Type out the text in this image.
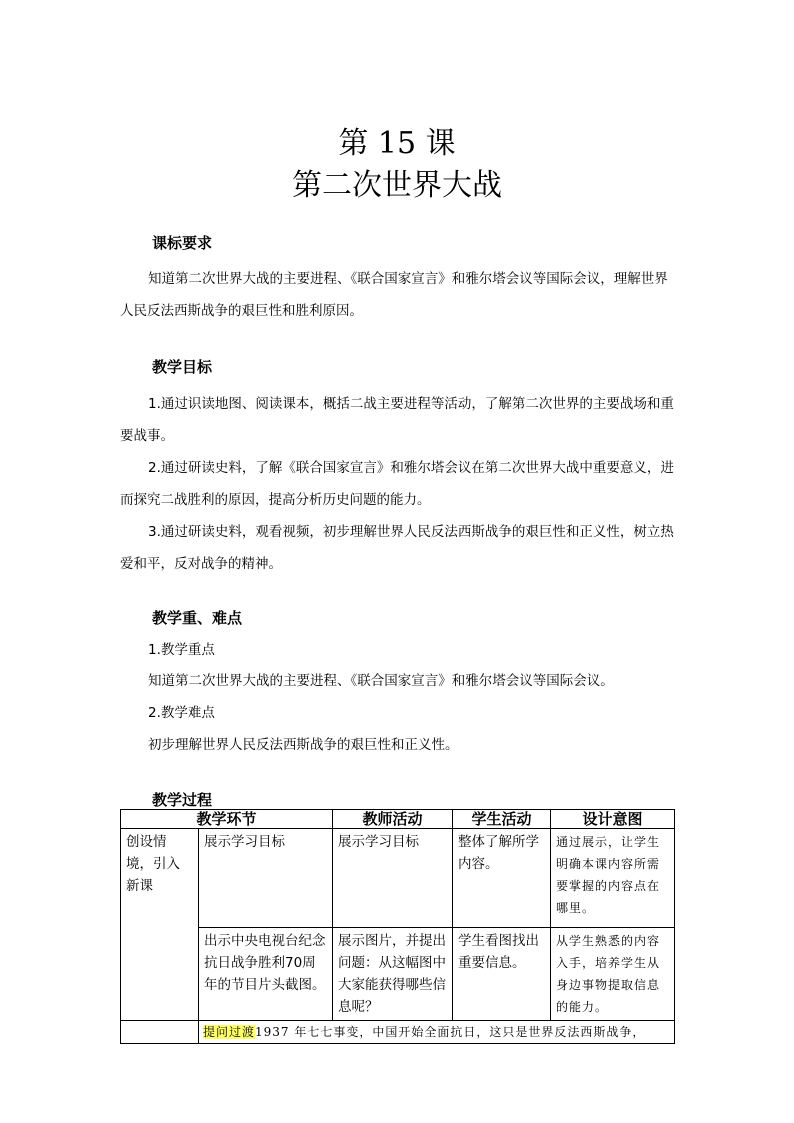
第 15 课
第二次世界大战
课标要求
知道第二次世界大战的主要进程、《联合国家宣言》和雅尔塔会议等国际会议，理解世界人民反法西斯战争的艰巨性和胜利原因。
教学目标
1.通过识读地图、阅读课本，概括二战主要进程等活动，了解第二次世界的主要战场和重要战事。
2.通过研读史料，了解《联合国家宣言》和雅尔塔会议在第二次世界大战中重要意义，进而探究二战胜利的原因，提高分析历史问题的能力。
3.通过研读史料，观看视频，初步理解世界人民反法西斯战争的艰巨性和正义性，树立热爱和平，反对战争的精神。
教学重、难点
1.教学重点
知道第二次世界大战的主要进程、《联合国家宣言》和雅尔塔会议等国际会议。
2.教学难点
初步理解世界人民反法西斯战争的艰巨性和正义性。
教学过程
教学环节		教师活动	学生活动	设计意图
创设情境，引入新课	展示学习目标	展示学习目标	整体了解所学内容。	通过展示，让学生明确本课内容所需要掌握的内容点在哪里。
	出示中央电视台纪念抗日战争胜利70周年的节目片头截图。	展示图片，并提出问题：从这幅图中大家能获得哪些信息呢？	学生看图找出重要信息。	从学生熟悉的内容入手，培养学生从身边事物提取信息的能力。
	提问过渡1937 年七七事变，中国开始全面抗日，这只是世界反法西斯战争，			
